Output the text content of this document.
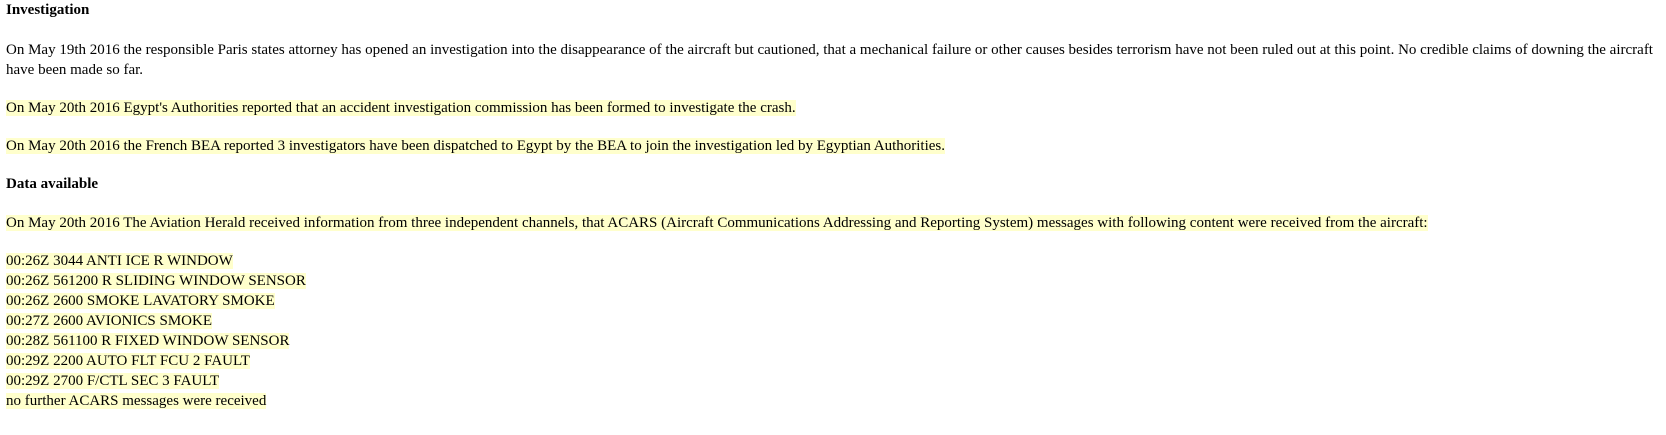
Investigation

On May 19th 2016 the responsible Paris states attorney has opened an investigation into the disappearance of the aircraft but cautioned, that a mechanical failure or other causes besides terrorism have not been ruled out at this point. No credible claims of downing the aircraft have been made so far.

On May 20th 2016 Egypt's Authorities reported that an accident investigation commission has been formed to investigate the crash.

On May 20th 2016 the French BEA reported 3 investigators have been dispatched to Egypt by the BEA to join the investigation led by Egyptian Authorities.

Data available

On May 20th 2016 The Aviation Herald received information from three independent channels, that ACARS (Aircraft Communications Addressing and Reporting System) messages with following content were received from the aircraft:

00:26Z 3044 ANTI ICE R WINDOW
00:26Z 561200 R SLIDING WINDOW SENSOR
00:26Z 2600 SMOKE LAVATORY SMOKE
00:27Z 2600 AVIONICS SMOKE
00:28Z 561100 R FIXED WINDOW SENSOR
00:29Z 2200 AUTO FLT FCU 2 FAULT
00:29Z 2700 F/CTL SEC 3 FAULT
no further ACARS messages were received
